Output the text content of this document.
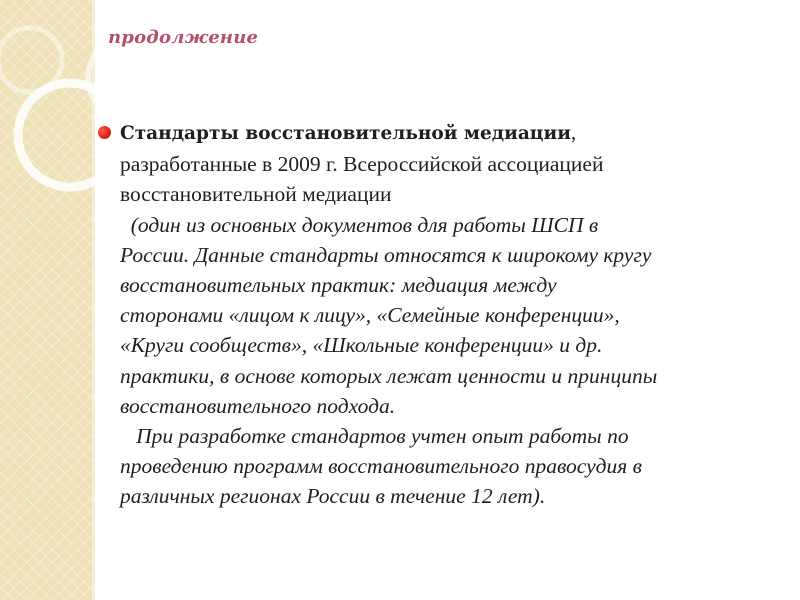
продолжение
Стандарты восстановительной медиации,
разработанные в 2009 г. Всероссийской ассоциацией
восстановительной медиации
(один из основных документов для работы ШСП в
России. Данные стандарты относятся к широкому кругу
восстановительных практик: медиация между
сторонами «лицом к лицу», «Семейные конференции»,
«Круги сообществ», «Школьные конференции» и др.
практики, в основе которых лежат ценности и принципы
восстановительного подхода.
При разработке стандартов учтен опыт работы по
проведению программ восстановительного правосудия в
различных регионах России в течение 12 лет).
